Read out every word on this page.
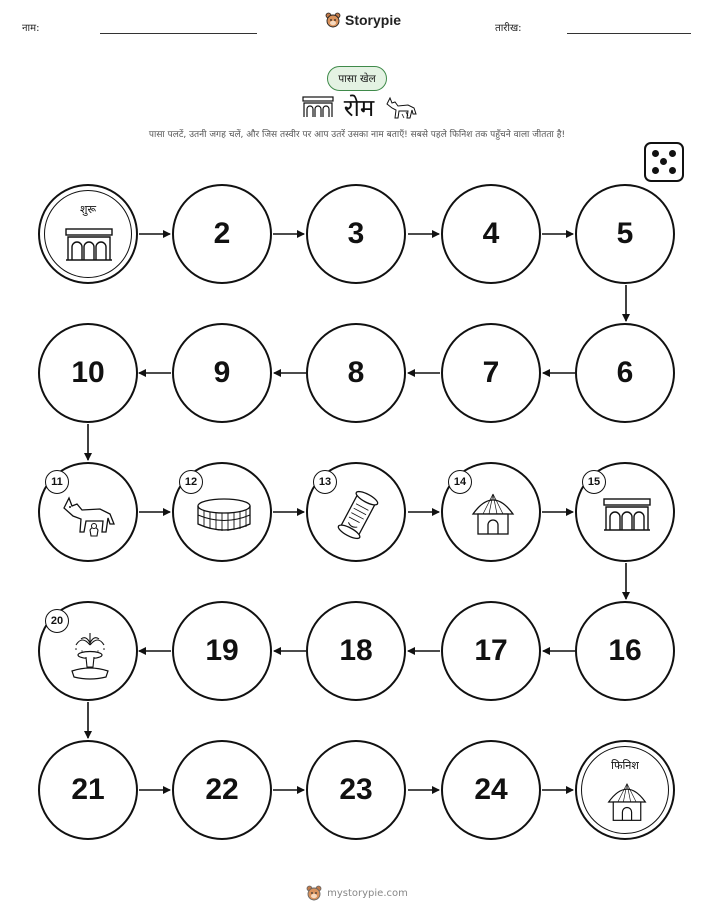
नाम:
Storypie
तारीख:
पासा खेल
रोम
पासा पलटें, उतनी जगह चलें, और जिस तस्वीर पर आप उतरें उसका नाम बताएँ! सबसे पहले फिनिश तक पहुँचने वाला जीतता है!
शुरू
2	3	4	5
6
7
8
9
10
11	12	13	14	15
16
17
18
19
20
21	22	23	24
फिनिश
mystorypie.com
